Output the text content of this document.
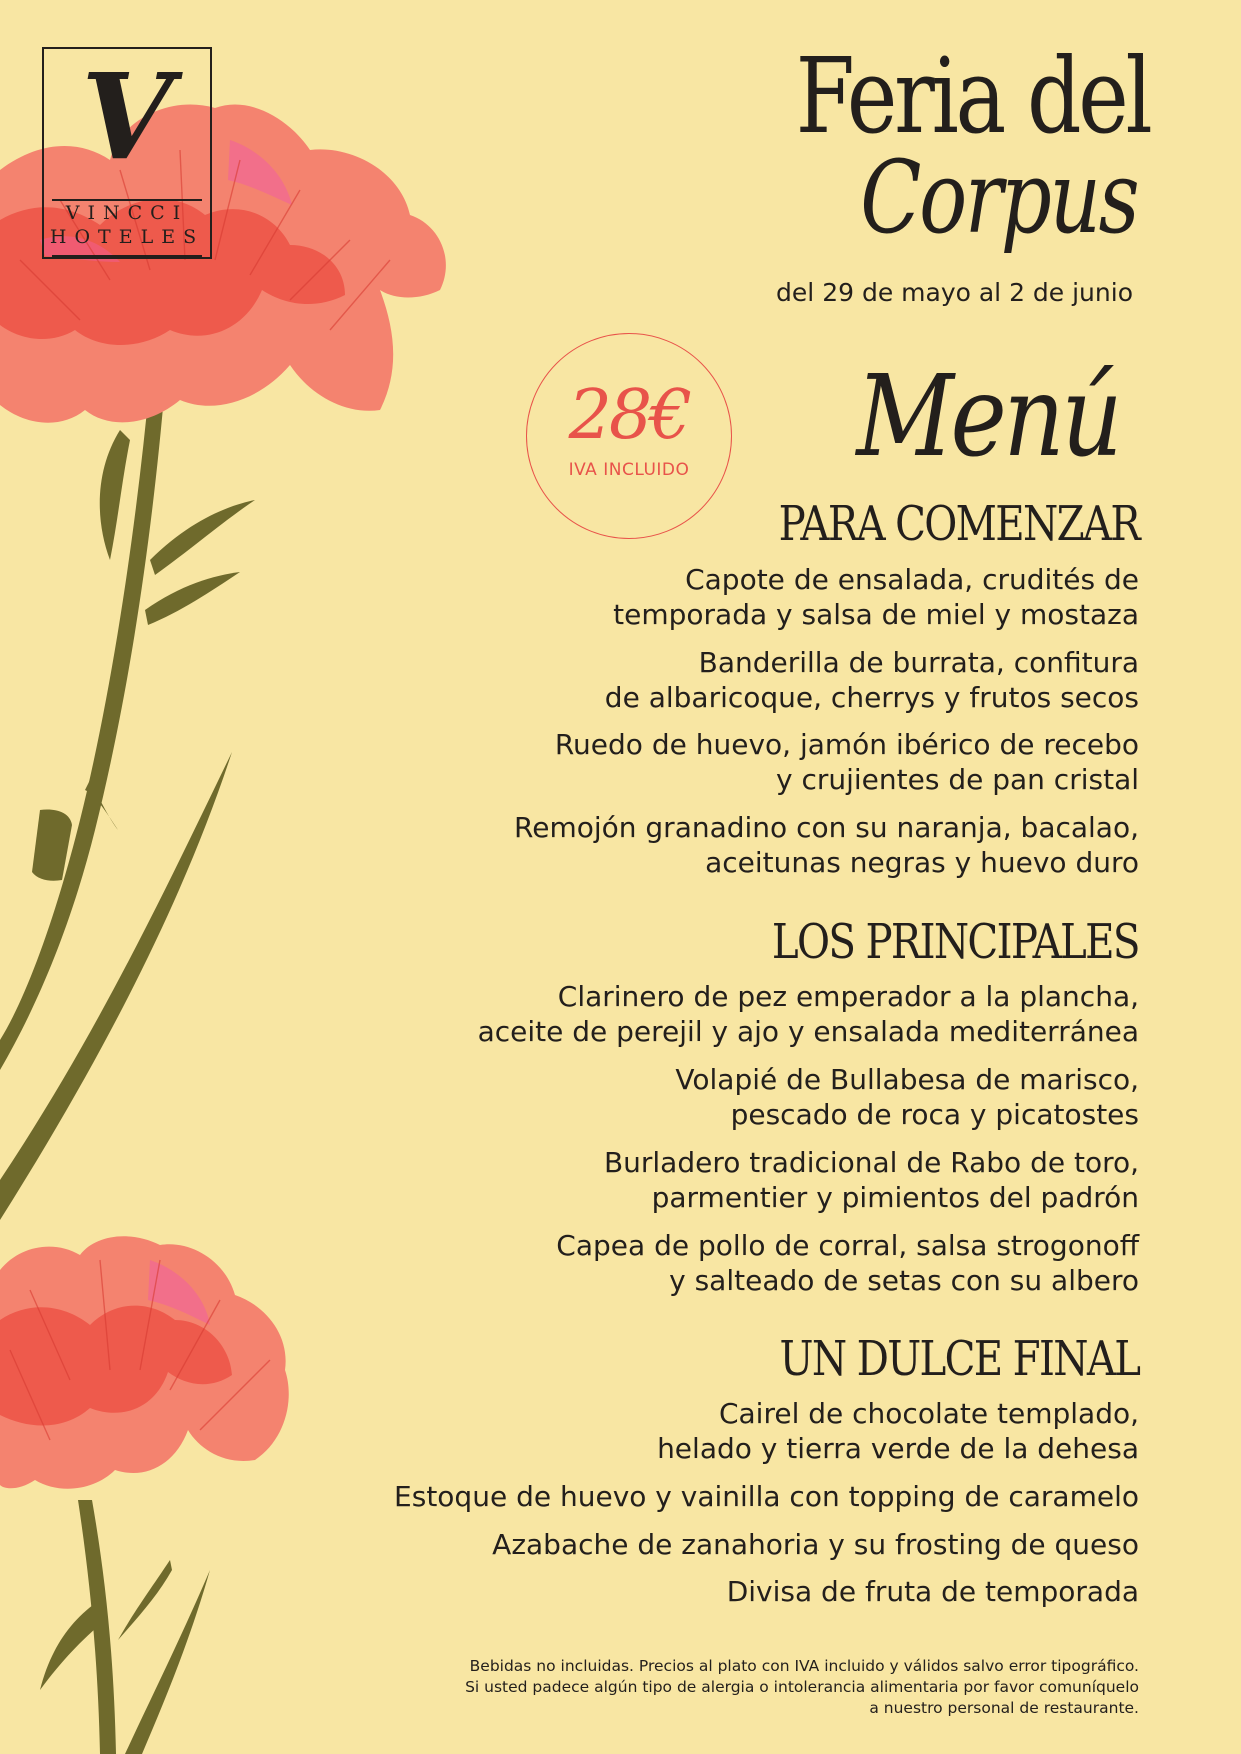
V
VINCCI
HOTELES
Feria del
Corpus

del 29 de mayo al 2 de junio

28€
IVA INCLUIDO	Menú
PARA COMENZAR

Capote de ensalada, crudités de
temporada y salsa de miel y mostaza

Banderilla de burrata, confitura
de albaricoque, cherrys y frutos secos

Ruedo de huevo, jamón ibérico de recebo
y crujientes de pan cristal

Remojón granadino con su naranja, bacalao,
aceitunas negras y huevo duro

LOS PRINCIPALES

Clarinero de pez emperador a la plancha,
aceite de perejil y ajo y ensalada mediterránea

Volapié de Bullabesa de marisco,
pescado de roca y picatostes

Burladero tradicional de Rabo de toro,
parmentier y pimientos del padrón

Capea de pollo de corral, salsa strogonoff
y salteado de setas con su albero

UN DULCE FINAL

Cairel de chocolate templado,
helado y tierra verde de la dehesa

Estoque de huevo y vainilla con topping de caramelo

Azabache de zanahoria y su frosting de queso

Divisa de fruta de temporada

Bebidas no incluidas. Precios al plato con IVA incluido y válidos salvo error tipográfico.
Si usted padece algún tipo de alergia o intolerancia alimentaria por favor comuníquelo
a nuestro personal de restaurante.
